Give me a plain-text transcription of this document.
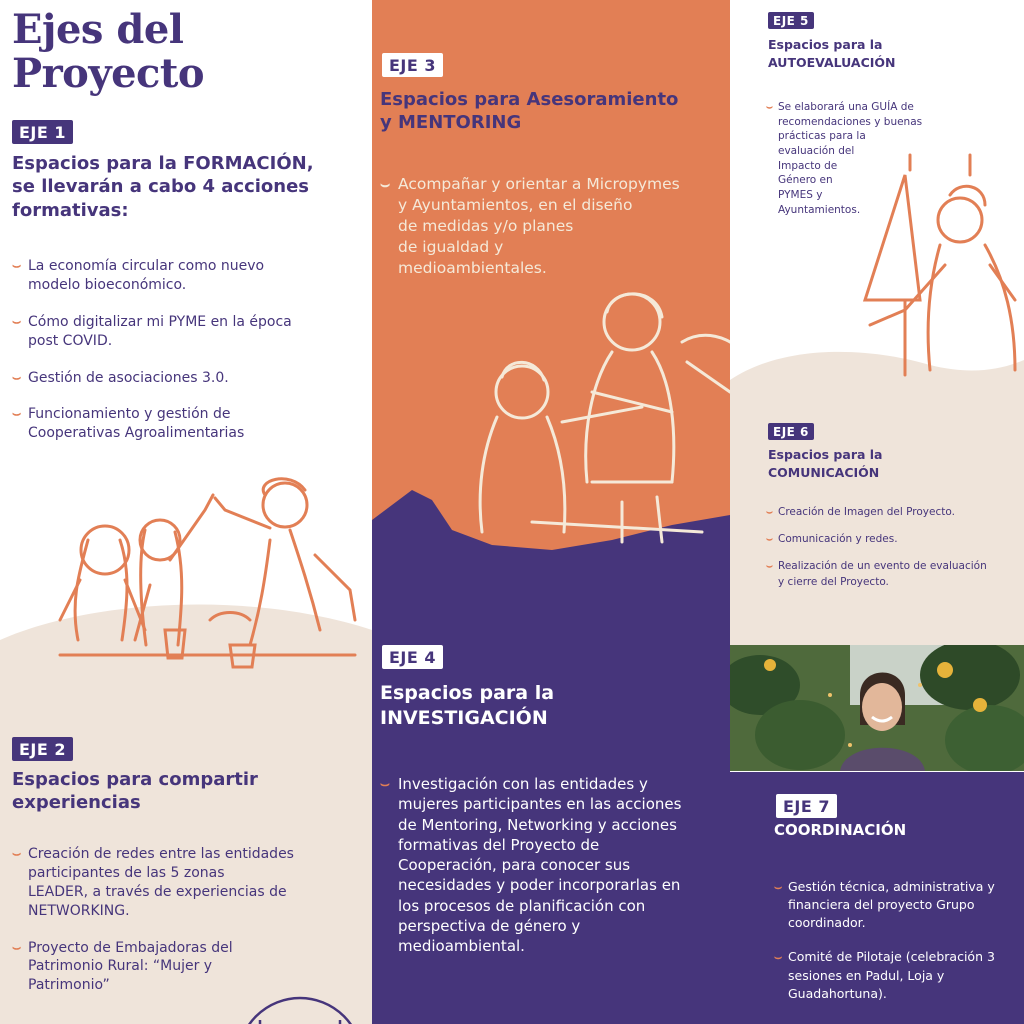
Ejes del
Proyecto
EJE 1
Espacios para la FORMACIÓN,
se llevarán a cabo 4 acciones
formativas:
⌣ La economía circular como nuevo
modelo bioeconómico.
⌣ Cómo digitalizar mi PYME en la época
post COVID.
⌣ Gestión de asociaciones 3.0.
⌣ Funcionamiento y gestión de
Cooperativas Agroalimentarias
EJE 2
Espacios para compartir
experiencias
⌣ Creación de redes entre las entidades
participantes de las 5 zonas
LEADER, a través de experiencias de
NETWORKING.
⌣ Proyecto de Embajadoras del
Patrimonio Rural: “Mujer y
Patrimonio”
EJE 3
Espacios para Asesoramiento
y MENTORING
⌣ Acompañar y orientar a Micropymes
y Ayuntamientos, en el diseño
de medidas y/o planes
de igualdad y
medioambientales.
EJE 4
Espacios para la
INVESTIGACIÓN
⌣ Investigación con las entidades y
mujeres participantes en las acciones
de Mentoring, Networking y acciones
formativas del Proyecto de
Cooperación, para conocer sus
necesidades y poder incorporarlas en
los procesos de planificación con
perspectiva de género y
medioambiental.
EJE 5
Espacios para la
AUTOEVALUACIÓN
⌣ Se elaborará una GUÍA de
recomendaciones y buenas
prácticas para la
evaluación del
Impacto de
Género en
PYMES y
Ayuntamientos.
EJE 6
Espacios para la
COMUNICACIÓN
⌣ Creación de Imagen del Proyecto.
⌣ Comunicación y redes.
⌣ Realización de un evento de evaluación
y cierre del Proyecto.
EJE 7
COORDINACIÓN
⌣ Gestión técnica, administrativa y
financiera del proyecto Grupo
coordinador.
⌣ Comité de Pilotaje (celebración 3
sesiones en Padul, Loja y
Guadahortuna).
